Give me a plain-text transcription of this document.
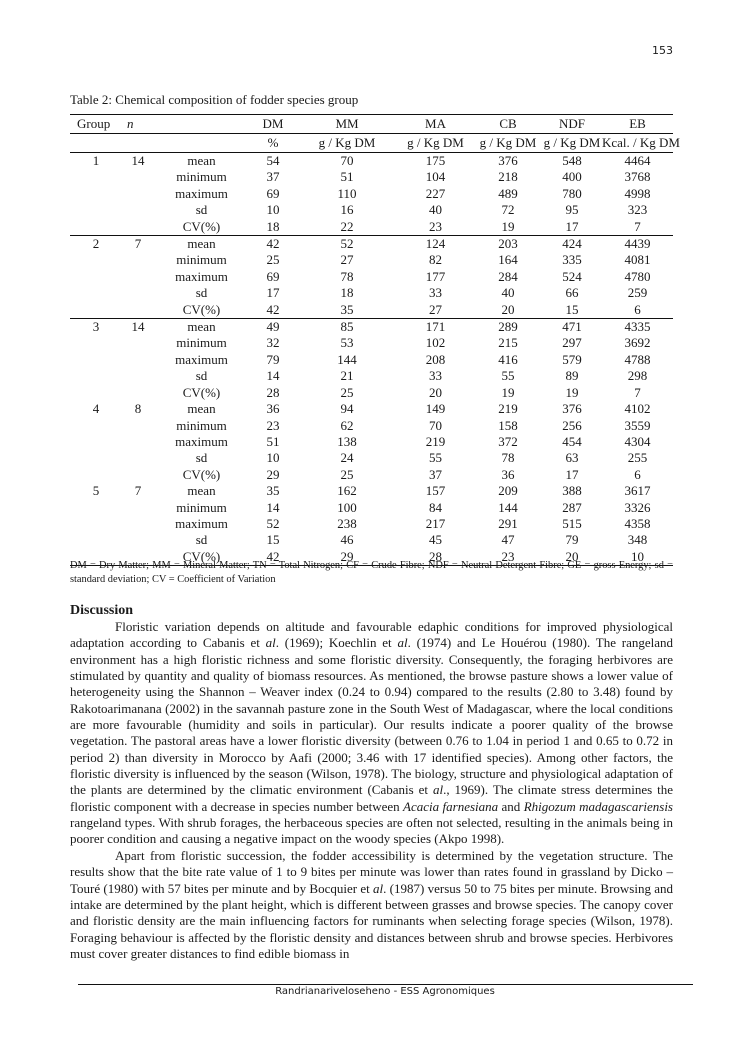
153
Table 2: Chemical composition of fodder species group
Group	n		DM	MM	MA	CB	NDF	EB
			%	g / Kg DM	g / Kg DM	g / Kg DM	g / Kg DM	Kcal. / Kg DM
1	14	mean	54	70	175	376	548	4464
		minimum	37	51	104	218	400	3768
		maximum	69	110	227	489	780	4998
		sd	10	16	40	72	95	323
		CV(%)	18	22	23	19	17	7
2	7	mean	42	52	124	203	424	4439
		minimum	25	27	82	164	335	4081
		maximum	69	78	177	284	524	4780
		sd	17	18	33	40	66	259
		CV(%)	42	35	27	20	15	6
3	14	mean	49	85	171	289	471	4335
		minimum	32	53	102	215	297	3692
		maximum	79	144	208	416	579	4788
		sd	14	21	33	55	89	298
		CV(%)	28	25	20	19	19	7
4	8	mean	36	94	149	219	376	4102
		minimum	23	62	70	158	256	3559
		maximum	51	138	219	372	454	4304
		sd	10	24	55	78	63	255
		CV(%)	29	25	37	36	17	6
5	7	mean	35	162	157	209	388	3617
		minimum	14	100	84	144	287	3326
		maximum	52	238	217	291	515	4358
		sd	15	46	45	47	79	348
		CV(%)	42	29	28	23	20	10
DM = Dry Matter; MM = Mineral Matter; TN = Total Nitrogen; CF = Crude Fibre; NDF = Neutral Detergent Fibre; GE = gross Energy; sd = standard deviation; CV = Coefficient of Variation
Discussion

Floristic variation depends on altitude and favourable edaphic conditions for improved physiological adaptation according to Cabanis et al. (1969); Koechlin et al. (1974) and Le Houérou (1980). The rangeland environment has a high floristic richness and some floristic diversity. Consequently, the foraging herbivores are stimulated by quantity and quality of biomass resources. As mentioned, the browse pasture shows a lower value of heterogeneity using the Shannon – Weaver index (0.24 to 0.94) compared to the results (2.80 to 3.48) found by Rakotoarimanana (2002) in the savannah pasture zone in the South West of Madagascar, where the local conditions are more favourable (humidity and soils in particular). Our results indicate a poorer quality of the browse vegetation. The pastoral areas have a lower floristic diversity (between 0.76 to 1.04 in period 1 and 0.65 to 0.72 in period 2) than diversity in Morocco by Aafi (2000; 3.46 with 17 identified species). Among other factors, the floristic diversity is influenced by the season (Wilson, 1978). The biology, structure and physiological adaptation of the plants are determined by the climatic environment (Cabanis et al., 1969). The climate stress determines the floristic component with a decrease in species number between Acacia farnesiana and Rhigozum madagascariensis rangeland types. With shrub forages, the herbaceous species are often not selected, resulting in the animals being in poorer condition and causing a negative impact on the woody species (Akpo 1998).

Apart from floristic succession, the fodder accessibility is determined by the vegetation structure. The results show that the bite rate value of 1 to 9 bites per minute was lower than rates found in grassland by Dicko – Touré (1980) with 57 bites per minute and by Bocquier et al. (1987) versus 50 to 75 bites per minute. Browsing and intake are determined by the plant height, which is different between grasses and browse species. The canopy cover and floristic density are the main influencing factors for ruminants when selecting forage species (Wilson, 1978). Foraging behaviour is affected by the floristic density and distances between shrub and browse species. Herbivores must cover greater distances to find edible biomass in

Randrianariveloseheno - ESS Agronomiques
